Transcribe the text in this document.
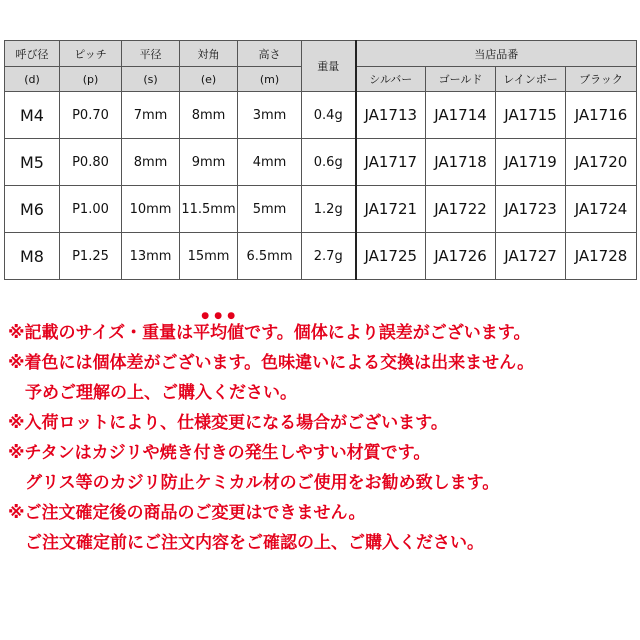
呼び径	ピッチ	平径	対角	高さ	重量	当店品番			
(d)	(p)	(s)	(e)	(m)		シルバー	ゴールド	レインボー	ブラック
M4	P0.70	7mm	8mm	3mm	0.4g	JA1713	JA1714	JA1715	JA1716
M5	P0.80	8mm	9mm	4mm	0.6g	JA1717	JA1718	JA1719	JA1720
M6	P1.00	10mm	11.5mm	5mm	1.2g	JA1721	JA1722	JA1723	JA1724
M8	P1.25	13mm	15mm	6.5mm	2.7g	JA1725	JA1726	JA1727	JA1728
※記載のサイズ・重量は● ● ● 平均値です。個体により誤差がございます。
※着色には個体差がございます。色味違いによる交換は出来ません。
予めご理解の上、ご購入ください。
※入荷ロットにより、仕様変更になる場合がございます。
※チタンはカジリや焼き付きの発生しやすい材質です。
グリス等のカジリ防止ケミカル材のご使用をお勧め致します。
※ご注文確定後の商品のご変更はできません。
ご注文確定前にご注文内容をご確認の上、ご購入ください。
